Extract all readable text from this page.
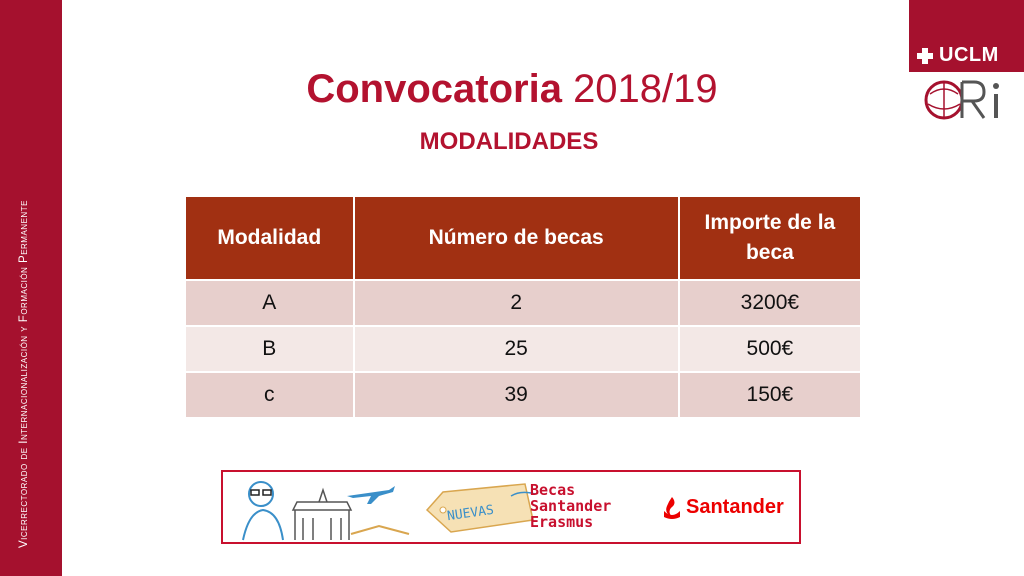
Vicerrectorado de Internacionalización y Formación Permanente
UCLM
Ri
Convocatoria 2018/19
MODALIDADES
Modalidad	Número de becas	Importe de la beca
A	2	3200€
B	25	500€
c	39	150€
NUEVAS
Becas
Santander
Erasmus
Santander
